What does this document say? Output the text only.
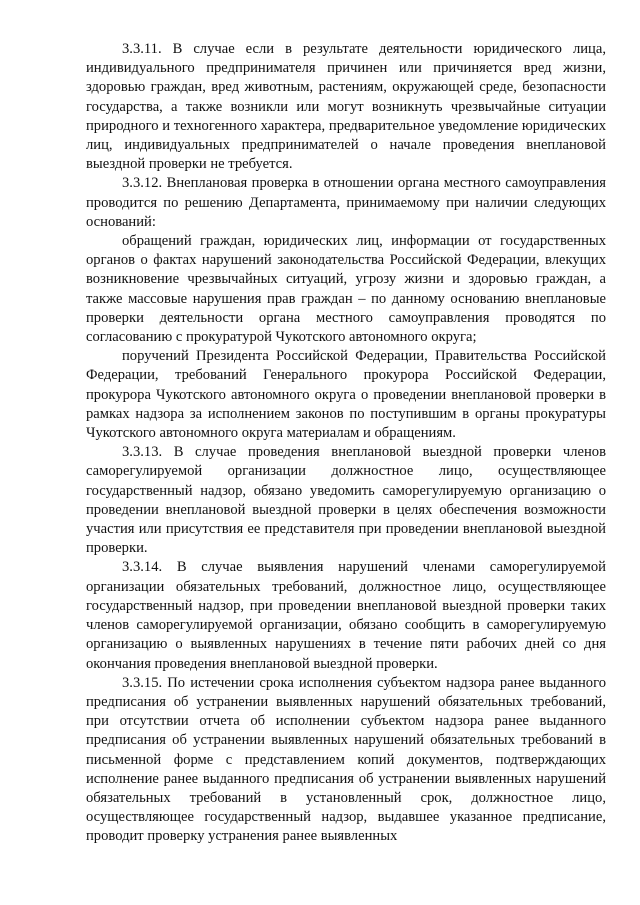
3.3.11. В случае если в результате деятельности юридического лица, индивидуального предпринимателя причинен или причиняется вред жизни, здоровью граждан, вред животным, растениям, окружающей среде, безопасности государства, а также возникли или могут возникнуть чрезвычайные ситуации природного и техногенного характера, предварительное уведомление юридических лиц, индивидуальных предпринимателей о начале проведения внеплановой выездной проверки не требуется.

3.3.12. Внеплановая проверка в отношении органа местного самоуправления проводится по решению Департамента, принимаемому при наличии следующих оснований:

обращений граждан, юридических лиц, информации от государственных органов о фактах нарушений законодательства Российской Федерации, влекущих возникновение чрезвычайных ситуаций, угрозу жизни и здоровью граждан, а также массовые нарушения прав граждан – по данному основанию внеплановые проверки деятельности органа местного самоуправления проводятся по согласованию с прокуратурой Чукотского автономного округа;

поручений Президента Российской Федерации, Правительства Российской Федерации, требований Генерального прокурора Российской Федерации, прокурора Чукотского автономного округа о проведении внеплановой проверки в рамках надзора за исполнением законов по поступившим в органы прокуратуры Чукотского автономного округа материалам и обращениям.

3.3.13. В случае проведения внеплановой выездной проверки членов саморегулируемой организации должностное лицо, осуществляющее государственный надзор, обязано уведомить саморегулируемую организацию о проведении внеплановой выездной проверки в целях обеспечения возможности участия или присутствия ее представителя при проведении внеплановой выездной проверки.

3.3.14. В случае выявления нарушений членами саморегулируемой организации обязательных требований, должностное лицо, осуществляющее государственный надзор, при проведении внеплановой выездной проверки таких членов саморегулируемой организации, обязано сообщить в саморегулируемую организацию о выявленных нарушениях в течение пяти рабочих дней со дня окончания проведения внеплановой выездной проверки.

3.3.15. По истечении срока исполнения субъектом надзора ранее выданного предписания об устранении выявленных нарушений обязательных требований, при отсутствии отчета об исполнении субъектом надзора ранее выданного предписания об устранении выявленных нарушений обязательных требований в письменной форме с представлением копий документов, подтверждающих исполнение ранее выданного предписания об устранении выявленных нарушений обязательных требований в установленный срок, должностное лицо, осуществляющее государственный надзор, выдавшее указанное предписание, проводит проверку устранения ранее выявленных
